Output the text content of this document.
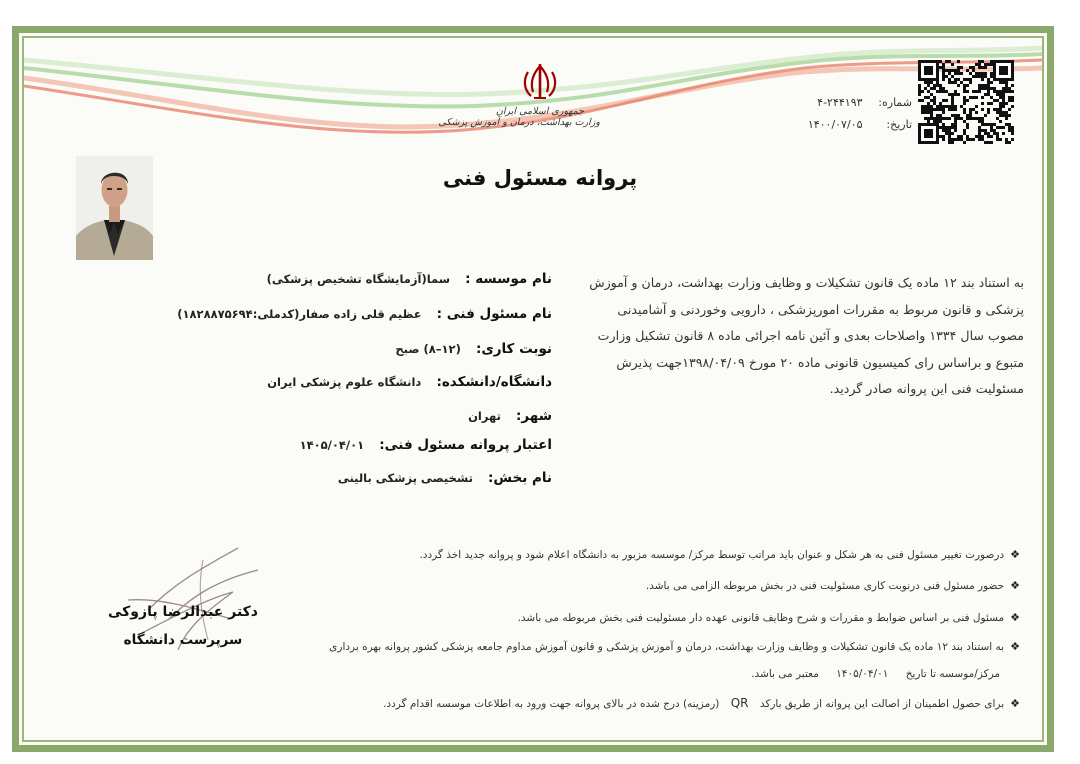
جمهوری اسلامی ایران
وزارت بهداشت، درمان و آموزش پزشکی
شماره: ۴-۲۴۴۱۹۳
تاریخ: ۱۴۰۰/۰۷/۰۵
پروانه مسئول فنی
به استناد بند ۱۲ ماده یک قانون تشکیلات و وظایف وزارت بهداشت، درمان و آموزش
پزشکی و قانون مربوط به مقررات امورپزشکی ، دارویی وخوردنی و آشامیدنی
مصوب سال ۱۳۳۴ واصلاحات بعدی و آئین نامه اجرائی ماده ۸ قانون تشکیل وزارت
متبوع و براساس رای کمیسیون قانونی ماده ۲۰ مورخ ۱۳۹۸/۰۴/۰۹جهت پذیرش
مسئولیت فنی این پروانه صادر گردید.
نام موسسه : سما(آزمایشگاه تشخیص پزشکی)
نام مسئول فنی : عظیم قلی زاده صفار(کدملی:۱۸۲۸۸۷۵۶۹۴)
نوبت کاری: (۱۲–۸) صبح
دانشگاه/دانشکده: دانشگاه علوم پزشکی ایران
شهر: تهران
اعتبار پروانه مسئول فنی: ۱۴۰۵/۰۴/۰۱
نام بخش: تشخیصی پزشکی بالینی
❖درصورت تغییر مسئول فنی به هر شکل و عنوان باید مراتب توسط مرکز/ موسسه مزبور به دانشگاه اعلام شود و پروانه جدید اخذ گردد.
❖حضور مسئول فنی درنوبت کاری مسئولیت فنی در بخش مربوطه الزامی می باشد.
❖مسئول فنی بر اساس ضوابط و مقررات و شرح وظایف قانونی عهده دار مسئولیت فنی بخش مربوطه می باشد.
❖به استناد بند ۱۲ ماده یک قانون تشکیلات و وظایف وزارت بهداشت، درمان و آموزش پزشکی و قانون آموزش مداوم جامعه پزشکی کشور پروانه بهره برداری
مرکز/موسسه تا تاریخ ۱۴۰۵/۰۴/۰۱ معتبر می باشد.
❖برای حصول اطمینان از اصالت این پروانه از طریق بارکد QR (رمزینه) درج شده در بالای پروانه جهت ورود به اطلاعات موسسه اقدام گردد.
دکتر عبدالرضا پازوکی
سرپرست دانشگاه
